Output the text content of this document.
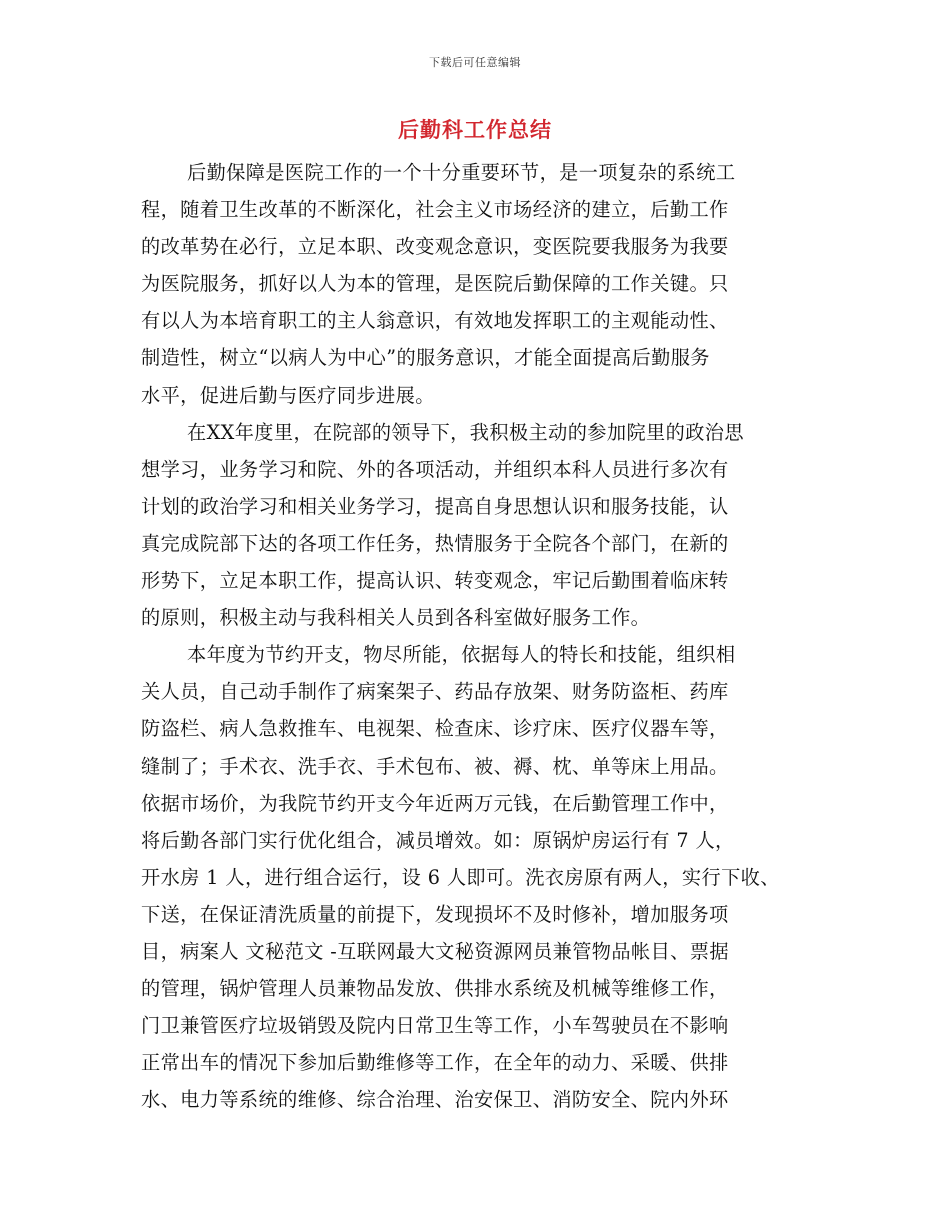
下载后可任意编辑
后勤科工作总结
后勤保障是医院工作的一个十分重要环节，是一项复杂的系统工
程，随着卫生改革的不断深化，社会主义市场经济的建立，后勤工作
的改革势在必行，立足本职、改变观念意识，变医院要我服务为我要
为医院服务，抓好以人为本的管理，是医院后勤保障的工作关键。只
有以人为本培育职工的主人翁意识，有效地发挥职工的主观能动性、
制造性，树立“以病人为中心”的服务意识，才能全面提高后勤服务
水平，促进后勤与医疗同步进展。
在XX年度里，在院部的领导下，我积极主动的参加院里的政治思
想学习，业务学习和院、外的各项活动，并组织本科人员进行多次有
计划的政治学习和相关业务学习，提高自身思想认识和服务技能，认
真完成院部下达的各项工作任务，热情服务于全院各个部门，在新的
形势下，立足本职工作，提高认识、转变观念，牢记后勤围着临床转
的原则，积极主动与我科相关人员到各科室做好服务工作。
本年度为节约开支，物尽所能，依据每人的特长和技能，组织相
关人员，自己动手制作了病案架子、药品存放架、财务防盗柜、药库
防盗栏、病人急救推车、电视架、检查床、诊疗床、医疗仪器车等，
缝制了；手术衣、洗手衣、手术包布、被、褥、枕、单等床上用品。
依据市场价，为我院节约开支今年近两万元钱，在后勤管理工作中，
将后勤各部门实行优化组合，减员增效。如：原锅炉房运行有 7 人，
开水房 1 人，进行组合运行，设 6 人即可。洗衣房原有两人，实行下收、
下送，在保证清洗质量的前提下，发现损坏不及时修补，增加服务项
目，病案人 文秘范文 -互联网最大文秘资源网员兼管物品帐目、票据
的管理，锅炉管理人员兼物品发放、供排水系统及机械等维修工作，
门卫兼管医疗垃圾销毁及院内日常卫生等工作，小车驾驶员在不影响
正常出车的情况下参加后勤维修等工作，在全年的动力、采暖、供排
水、电力等系统的维修、综合治理、治安保卫、消防安全、院内外环
